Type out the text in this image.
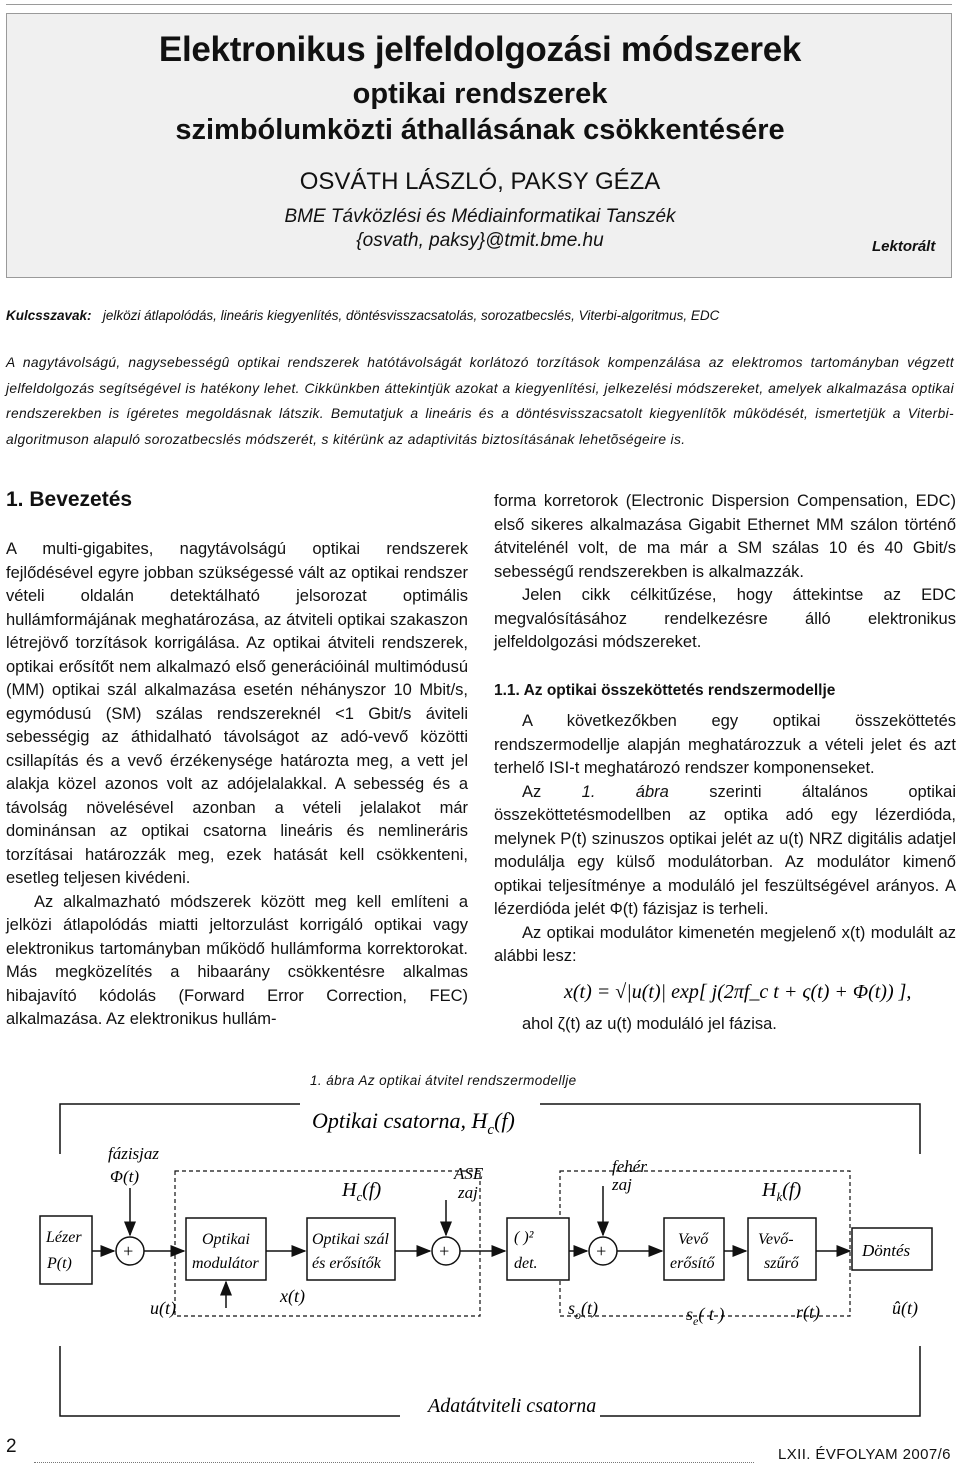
Elektronikus jelfeldolgozási módszerek
optikai rendszerek
szimbólumközti áthallásának csökkentésére
OSVÁTH LÁSZLÓ, PAKSY GÉZA
BME Távközlési és Médiainformatikai Tanszék
{osvath, paksy}@tmit.bme.hu	Lektorált
Kulcsszavak: jelközi átlapolódás, lineáris kiegyenlítés, döntésvisszacsatolás, sorozatbecslés, Viterbi-algoritmus, EDC
A nagytávolságú, nagysebességû optikai rendszerek hatótávolságát korlátozó torzítások kompenzálása az elektromos tartományban végzett jelfeldolgozás segítségével is hatékony lehet. Cikkünkben áttekintjük azokat a kiegyenlítési, jelkezelési módszereket, amelyek alkalmazása optikai rendszerekben is ígéretes megoldásnak látszik. Bemutatjuk a lineáris és a döntésvisszacsatolt kiegyenlítõk mûködését, ismertetjük a Viterbi-algoritmuson alapuló sorozatbecslés módszerét, s kitérünk az adaptivitás biztosításának lehetõségeire is.
1. Bevezetés

A multi-gigabites, nagytávolságú optikai rendszerek fejlődésével egyre jobban szükségessé vált az optikai rendszer vételi oldalán detektálható jelsorozat optimális hullámformájának meghatározása, az átviteli optikai szakaszon létrejövő torzítások korrigálása. Az optikai átviteli rendszerek, optikai erősítőt nem alkalmazó első generációinál multimódusú (MM) optikai szál alkalmazása esetén néhányszor 10 Mbit/s, egymódusú (SM) szálas rendszereknél <1 Gbit/s áviteli sebességig az áthidalható távolságot az adó-vevő közötti csillapítás és a vevő érzékenysége határozta meg, a vett jel alakja közel azonos volt az adójelalakkal. A sebesség és a távolság növelésével azonban a vételi jelalakot már dominánsan az optikai csatorna lineáris és nemlineráris torzításai határozzák meg, ezek hatását kell csökkenteni, esetleg teljesen kivédeni.

Az alkalmazható módszerek között meg kell említeni a jelközi átlapolódás miatti jeltorzulást korrigáló optikai vagy elektronikus tartományban működő hullámforma korrektorokat. Más megközelítés a hibaarány csökkentésre alkalmas hibajavító kódolás (Forward Error Correction, FEC) alkalmazása. Az elektronikus hullám-

forma korretorok (Electronic Dispersion Compensation, EDC) első sikeres alkalmazása Gigabit Ethernet MM szálon történő átvitelénél volt, de ma már a SM szálas 10 és 40 Gbit/s sebességű rendszerekben is alkalmazzák.

Jelen cikk célkitűzése, hogy áttekintse az EDC megvalósításához rendelkezésre álló elektronikus jelfeldolgozási módszereket.

1.1. Az optikai összeköttetés rendszermodellje

A következőkben egy optikai összeköttetés rendszermodellje alapján meghatározzuk a vételi jelet és azt terhelő ISI-t meghatározó rendszer komponenseket.

Az 1. ábra szerinti általános optikai összeköttetésmodellben az optika adó egy lézerdióda, melynek P(t) szinuszos optikai jelét az u(t) NRZ digitális adatjel modulálja egy külső modulátorban. Az modulátor kimenő optikai teljesítménye a moduláló jel feszültségével arányos. A lézerdióda jelét Φ(t) fázisjaz is terheli.

Az optikai modulátor kimenetén megjelenő x(t) modulált az alábbi lesz:

x(t) = √|u(t)| exp[ j(2πf_c t + ς(t) + Φ(t)) ],

ahol ζ(t) az u(t) moduláló jel fázisa.

1. ábra Az optikai átvitel rendszermodellje
Optikai csatorna, $H_c(f)$
Adatátviteli csatorna
$H_c(f)$	$H_k(f)$
Lézer
P(t)
Optikai
modulátor
Optikai szál
és erősítők
( )²
det.
Vevő
erősítő
Vevő-
szűrő
Döntés
+	+	+
fázisjaz
Φ(t)	ASE
zaj
fehér
zaj
u(t)
x(t)
$s_o(t)$	$s_e$( t )	r(t)	û(t)
2	LXII. ÉVFOLYAM 2007/6
